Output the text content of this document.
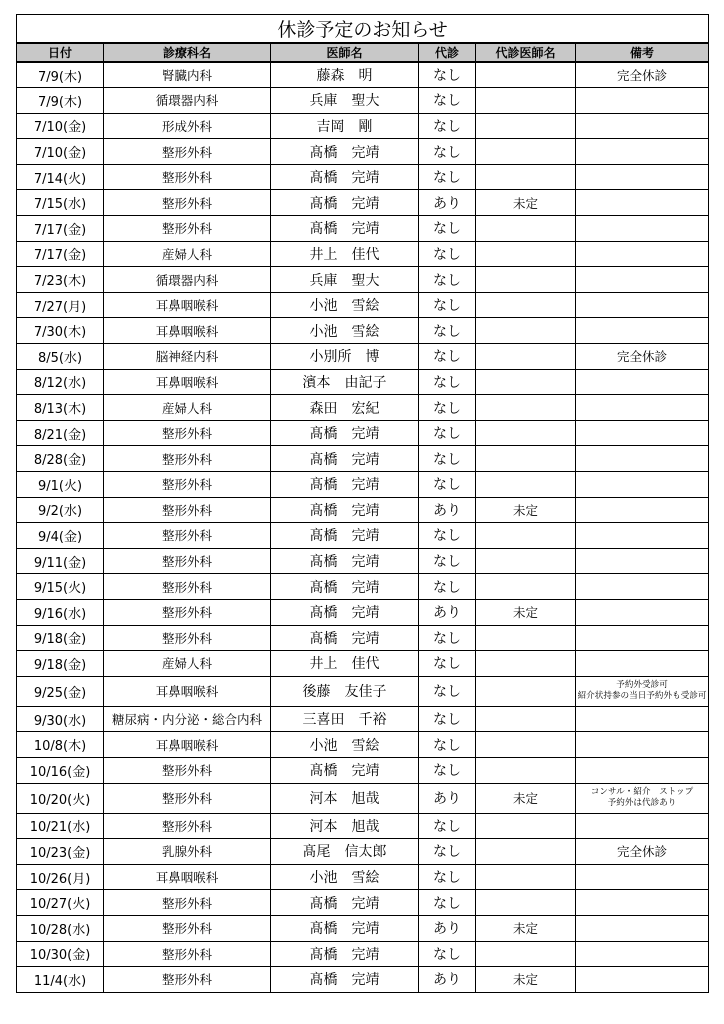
休診予定のお知らせ					
日付	診療科名	医師名	代診	代診医師名	備考
7/9(木)	腎臓内科	藤森　明	なし		完全休診
7/9(木)	循環器内科	兵庫　聖大	なし		
7/10(金)	形成外科	吉岡　剛	なし		
7/10(金)	整形外科	髙橋　完靖	なし		
7/14(火)	整形外科	髙橋　完靖	なし		
7/15(水)	整形外科	髙橋　完靖	あり	未定	
7/17(金)	整形外科	髙橋　完靖	なし		
7/17(金)	産婦人科	井上　佳代	なし		
7/23(木)	循環器内科	兵庫　聖大	なし		
7/27(月)	耳鼻咽喉科	小池　雪絵	なし		
7/30(木)	耳鼻咽喉科	小池　雪絵	なし		
8/5(水)	脳神経内科	小別所　博	なし		完全休診
8/12(水)	耳鼻咽喉科	濱本　由記子	なし		
8/13(木)	産婦人科	森田　宏紀	なし		
8/21(金)	整形外科	髙橋　完靖	なし		
8/28(金)	整形外科	髙橋　完靖	なし		
9/1(火)	整形外科	髙橋　完靖	なし		
9/2(水)	整形外科	髙橋　完靖	あり	未定	
9/4(金)	整形外科	髙橋　完靖	なし		
9/11(金)	整形外科	髙橋　完靖	なし		
9/15(火)	整形外科	髙橋　完靖	なし		
9/16(水)	整形外科	髙橋　完靖	あり	未定	
9/18(金)	整形外科	髙橋　完靖	なし		
9/18(金)	産婦人科	井上　佳代	なし		
9/25(金)	耳鼻咽喉科	後藤　友佳子	なし		予約外受診可
紹介状持参の当日予約外も受診可
9/30(水)	糖尿病・内分泌・総合内科	三喜田　千裕	なし		
10/8(木)	耳鼻咽喉科	小池　雪絵	なし		
10/16(金)	整形外科	髙橋　完靖	なし		
10/20(火)	整形外科	河本　旭哉	あり	未定	コンサル・紹介　ストップ
予約外は代診あり
10/21(水)	整形外科	河本　旭哉	なし		
10/23(金)	乳腺外科	髙尾　信太郎	なし		完全休診
10/26(月)	耳鼻咽喉科	小池　雪絵	なし		
10/27(火)	整形外科	髙橋　完靖	なし		
10/28(水)	整形外科	髙橋　完靖	あり	未定	
10/30(金)	整形外科	髙橋　完靖	なし		
11/4(水)	整形外科	髙橋　完靖	あり	未定	
